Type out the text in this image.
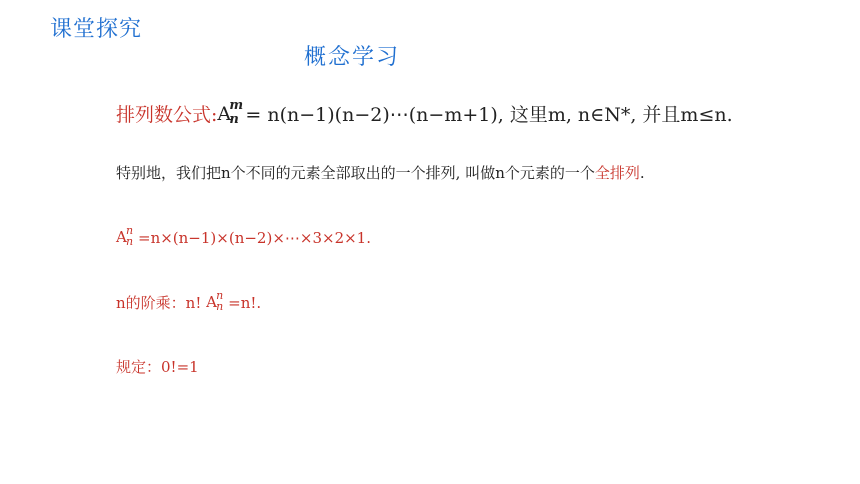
课堂探究
概念学习
排列数公式: A
m
n = n(n−1)(n−2)⋯(n−m+1), 这里m, n∈N*, 并且m≤n.
特别地，我们把n个不同的元素全部取出的一个排列, 叫做n个元素的一个全排列.
A n
n =n×(n−1)×(n−2)×⋯×3×2×1.
n的阶乘：n! A n
n =n!.
规定：0!=1
